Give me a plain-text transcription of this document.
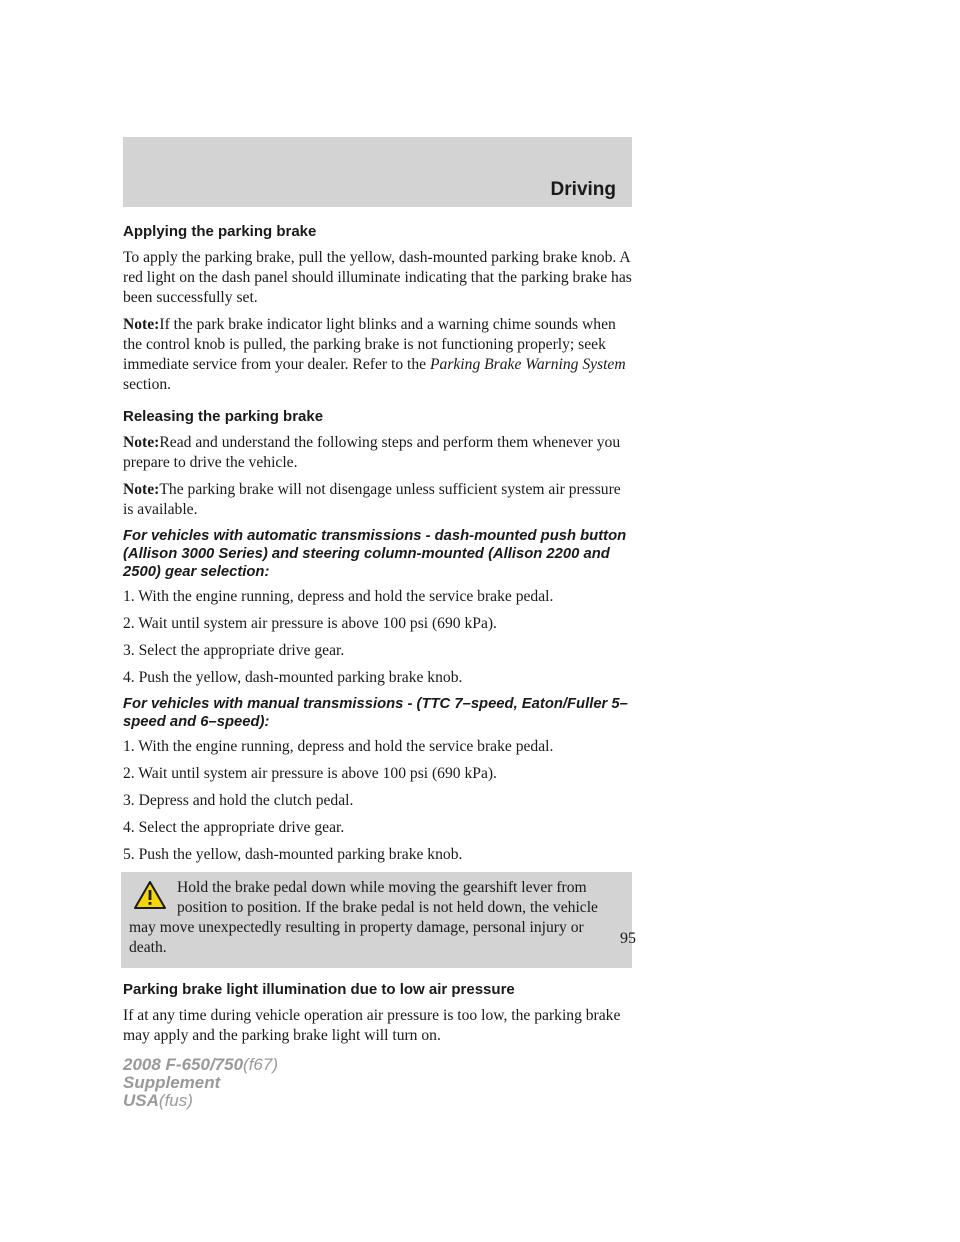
Driving
Applying the parking brake

To apply the parking brake, pull the yellow, dash-mounted parking brake knob. A red light on the dash panel should illuminate indicating that the parking brake has been successfully set.

Note:If the park brake indicator light blinks and a warning chime sounds when the control knob is pulled, the parking brake is not functioning properly; seek immediate service from your dealer. Refer to the Parking Brake Warning System section.

Releasing the parking brake

Note:Read and understand the following steps and perform them whenever you prepare to drive the vehicle.

Note:The parking brake will not disengage unless sufficient system air pressure is available.

For vehicles with automatic transmissions - dash-mounted push button (Allison 3000 Series) and steering column-mounted (Allison 2200 and 2500) gear selection:

1. With the engine running, depress and hold the service brake pedal.

2. Wait until system air pressure is above 100 psi (690 kPa).

3. Select the appropriate drive gear.

4. Push the yellow, dash-mounted parking brake knob.

For vehicles with manual transmissions - (TTC 7–speed, Eaton/Fuller 5–speed and 6–speed):

1. With the engine running, depress and hold the service brake pedal.

2. Wait until system air pressure is above 100 psi (690 kPa).

3. Depress and hold the clutch pedal.

4. Select the appropriate drive gear.

5. Push the yellow, dash-mounted parking brake knob.

Hold the brake pedal down while moving the gearshift lever from position to position. If the brake pedal is not held down, the vehicle may move unexpectedly resulting in property damage, personal injury or death.

Parking brake light illumination due to low air pressure

If at any time during vehicle operation air pressure is too low, the parking brake may apply and the parking brake light will turn on.

95
2008 F-650/750(f67)
Supplement
USA(fus)
